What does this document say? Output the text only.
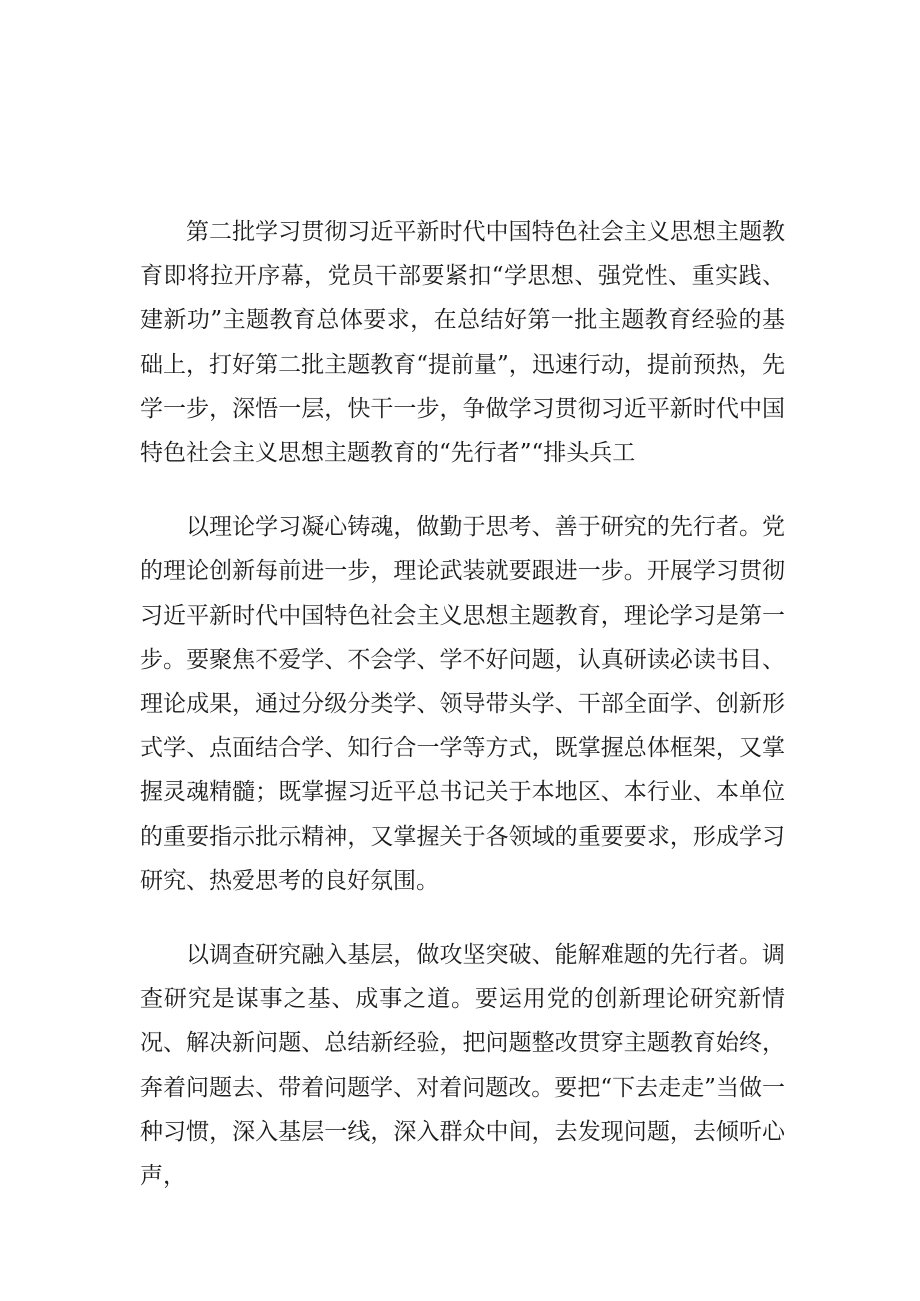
第二批学习贯彻习近平新时代中国特色社会主义思想主题教育即将拉开序幕，党员干部要紧扣“学思想、强党性、重实践、建新功”主题教育总体要求，在总结好第一批主题教育经验的基础上，打好第二批主题教育“提前量”，迅速行动，提前预热，先学一步，深悟一层，快干一步，争做学习贯彻习近平新时代中国特色社会主义思想主题教育的“先行者”“排头兵工

以理论学习凝心铸魂，做勤于思考、善于研究的先行者。党的理论创新每前进一步，理论武装就要跟进一步。开展学习贯彻习近平新时代中国特色社会主义思想主题教育，理论学习是第一步。要聚焦不爱学、不会学、学不好问题，认真研读必读书目、理论成果，通过分级分类学、领导带头学、干部全面学、创新形式学、点面结合学、知行合一学等方式，既掌握总体框架，又掌握灵魂精髓；既掌握习近平总书记关于本地区、本行业、本单位的重要指示批示精神，又掌握关于各领域的重要要求，形成学习研究、热爱思考的良好氛围。

以调查研究融入基层，做攻坚突破、能解难题的先行者。调查研究是谋事之基、成事之道。要运用党的创新理论研究新情况、解决新问题、总结新经验，把问题整改贯穿主题教育始终，奔着问题去、带着问题学、对着问题改。要把“下去走走”当做一种习惯，深入基层一线，深入群众中间，去发现问题，去倾听心声，
